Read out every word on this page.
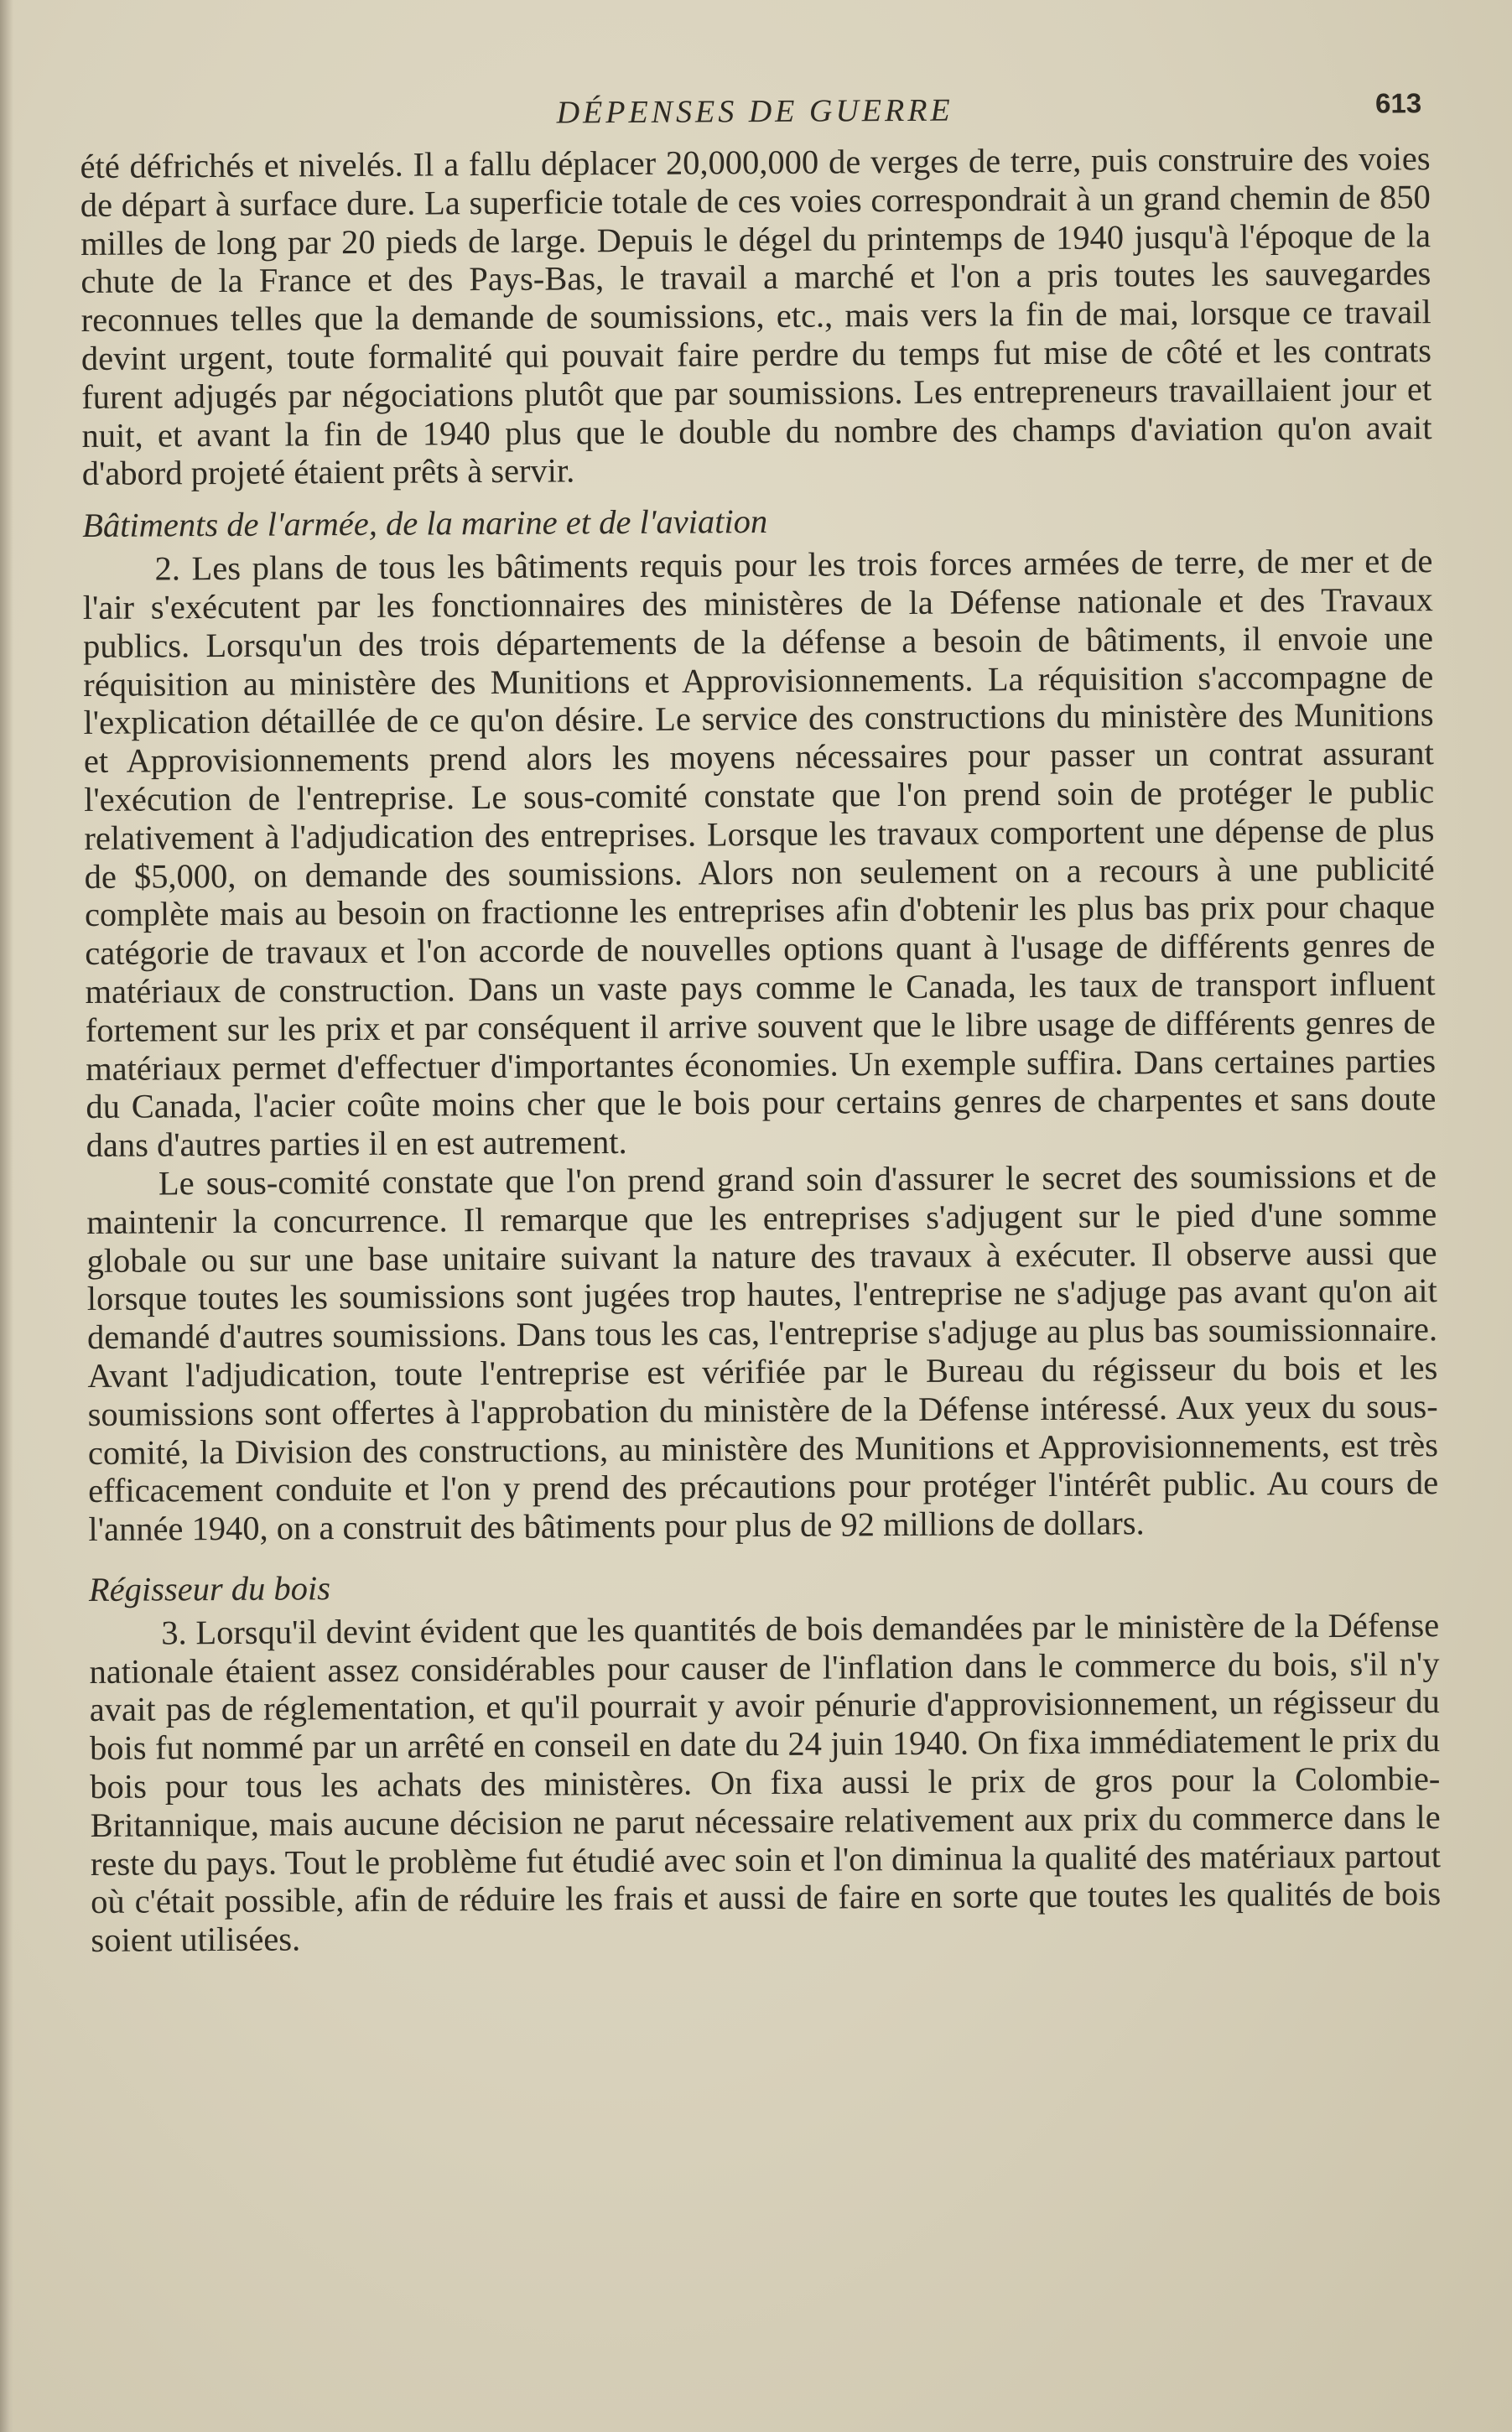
DÉPENSES DE GUERRE	613

été défrichés et nivelés. Il a fallu déplacer 20,000,000 de verges de terre, puis construire des voies de départ à surface dure. La superficie totale de ces voies correspondrait à un grand chemin de 850 milles de long par 20 pieds de large. Depuis le dégel du printemps de 1940 jusqu'à l'époque de la chute de la France et des Pays-Bas, le travail a marché et l'on a pris toutes les sauvegardes reconnues telles que la demande de soumissions, etc., mais vers la fin de mai, lorsque ce travail devint urgent, toute formalité qui pouvait faire perdre du temps fut mise de côté et les contrats furent adjugés par négociations plutôt que par soumissions. Les entrepreneurs travaillaient jour et nuit, et avant la fin de 1940 plus que le double du nombre des champs d'aviation qu'on avait d'abord projeté étaient prêts à servir.

Bâtiments de l'armée, de la marine et de l'aviation

2. Les plans de tous les bâtiments requis pour les trois forces armées de terre, de mer et de l'air s'exécutent par les fonctionnaires des ministères de la Défense nationale et des Travaux publics. Lorsqu'un des trois départements de la défense a besoin de bâtiments, il envoie une réquisition au ministère des Munitions et Approvisionnements. La réquisition s'accompagne de l'explication détaillée de ce qu'on désire. Le service des constructions du ministère des Munitions et Approvisionnements prend alors les moyens nécessaires pour passer un contrat assurant l'exécution de l'entreprise. Le sous-comité constate que l'on prend soin de protéger le public relativement à l'adjudication des entreprises. Lorsque les travaux comportent une dépense de plus de $5,000, on demande des soumissions. Alors non seulement on a recours à une publicité complète mais au besoin on fractionne les entreprises afin d'obtenir les plus bas prix pour chaque catégorie de travaux et l'on accorde de nouvelles options quant à l'usage de différents genres de matériaux de construction. Dans un vaste pays comme le Canada, les taux de transport influent fortement sur les prix et par conséquent il arrive souvent que le libre usage de différents genres de matériaux permet d'effectuer d'importantes économies. Un exemple suffira. Dans certaines parties du Canada, l'acier coûte moins cher que le bois pour certains genres de charpentes et sans doute dans d'autres parties il en est autrement.

Le sous-comité constate que l'on prend grand soin d'assurer le secret des soumissions et de maintenir la concurrence. Il remarque que les entreprises s'adjugent sur le pied d'une somme globale ou sur une base unitaire suivant la nature des travaux à exécuter. Il observe aussi que lorsque toutes les soumissions sont jugées trop hautes, l'entreprise ne s'adjuge pas avant qu'on ait demandé d'autres soumissions. Dans tous les cas, l'entreprise s'adjuge au plus bas soumissionnaire. Avant l'adjudication, toute l'entreprise est vérifiée par le Bureau du régisseur du bois et les soumissions sont offertes à l'approbation du ministère de la Défense intéressé. Aux yeux du sous-comité, la Division des constructions, au ministère des Munitions et Approvisionnements, est très efficacement conduite et l'on y prend des précautions pour protéger l'intérêt public. Au cours de l'année 1940, on a construit des bâtiments pour plus de 92 millions de dollars.

Régisseur du bois

3. Lorsqu'il devint évident que les quantités de bois demandées par le ministère de la Défense nationale étaient assez considérables pour causer de l'inflation dans le commerce du bois, s'il n'y avait pas de réglementation, et qu'il pourrait y avoir pénurie d'approvisionnement, un régisseur du bois fut nommé par un arrêté en conseil en date du 24 juin 1940. On fixa immédiatement le prix du bois pour tous les achats des ministères. On fixa aussi le prix de gros pour la Colombie-Britannique, mais aucune décision ne parut nécessaire relativement aux prix du commerce dans le reste du pays. Tout le problème fut étudié avec soin et l'on diminua la qualité des matériaux partout où c'était possible, afin de réduire les frais et aussi de faire en sorte que toutes les qualités de bois soient utilisées.
